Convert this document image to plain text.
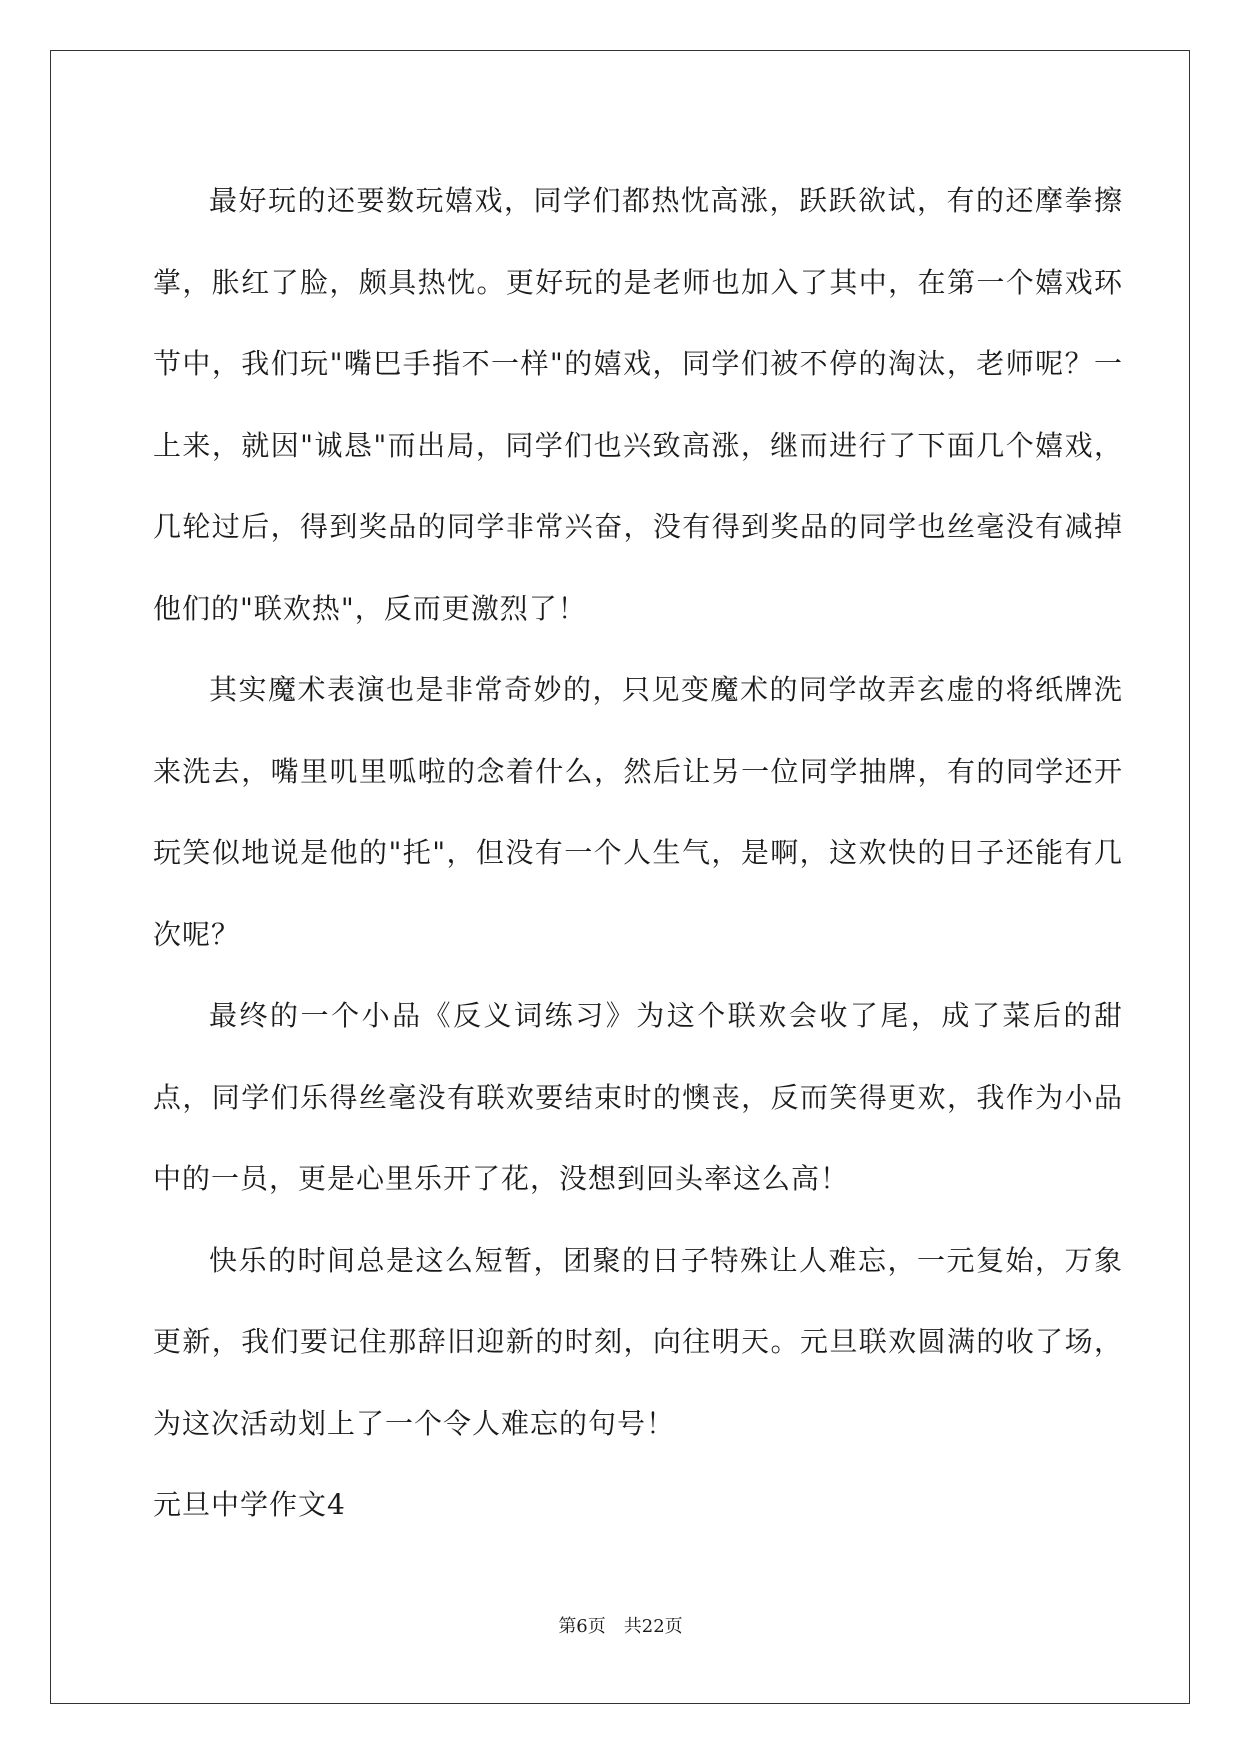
最好玩的还要数玩嬉戏，同学们都热忱高涨，跃跃欲试，有的还摩拳擦掌，胀红了脸，颇具热忱。更好玩的是老师也加入了其中，在第一个嬉戏环节中，我们玩"嘴巴手指不一样"的嬉戏，同学们被不停的淘汰，老师呢？一上来，就因"诚恳"而出局，同学们也兴致高涨，继而进行了下面几个嬉戏，几轮过后，得到奖品的同学非常兴奋，没有得到奖品的同学也丝毫没有减掉他们的"联欢热"，反而更激烈了！

其实魔术表演也是非常奇妙的，只见变魔术的同学故弄玄虚的将纸牌洗来洗去，嘴里叽里呱啦的念着什么，然后让另一位同学抽牌，有的同学还开玩笑似地说是他的"托"，但没有一个人生气，是啊，这欢快的日子还能有几次呢？

最终的一个小品《反义词练习》为这个联欢会收了尾，成了菜后的甜点，同学们乐得丝毫没有联欢要结束时的懊丧，反而笑得更欢，我作为小品中的一员，更是心里乐开了花，没想到回头率这么高！

快乐的时间总是这么短暂，团聚的日子特殊让人难忘，一元复始，万象更新，我们要记住那辞旧迎新的时刻，向往明天。元旦联欢圆满的收了场，为这次活动划上了一个令人难忘的句号！

元旦中学作文4

第6页 共22页
